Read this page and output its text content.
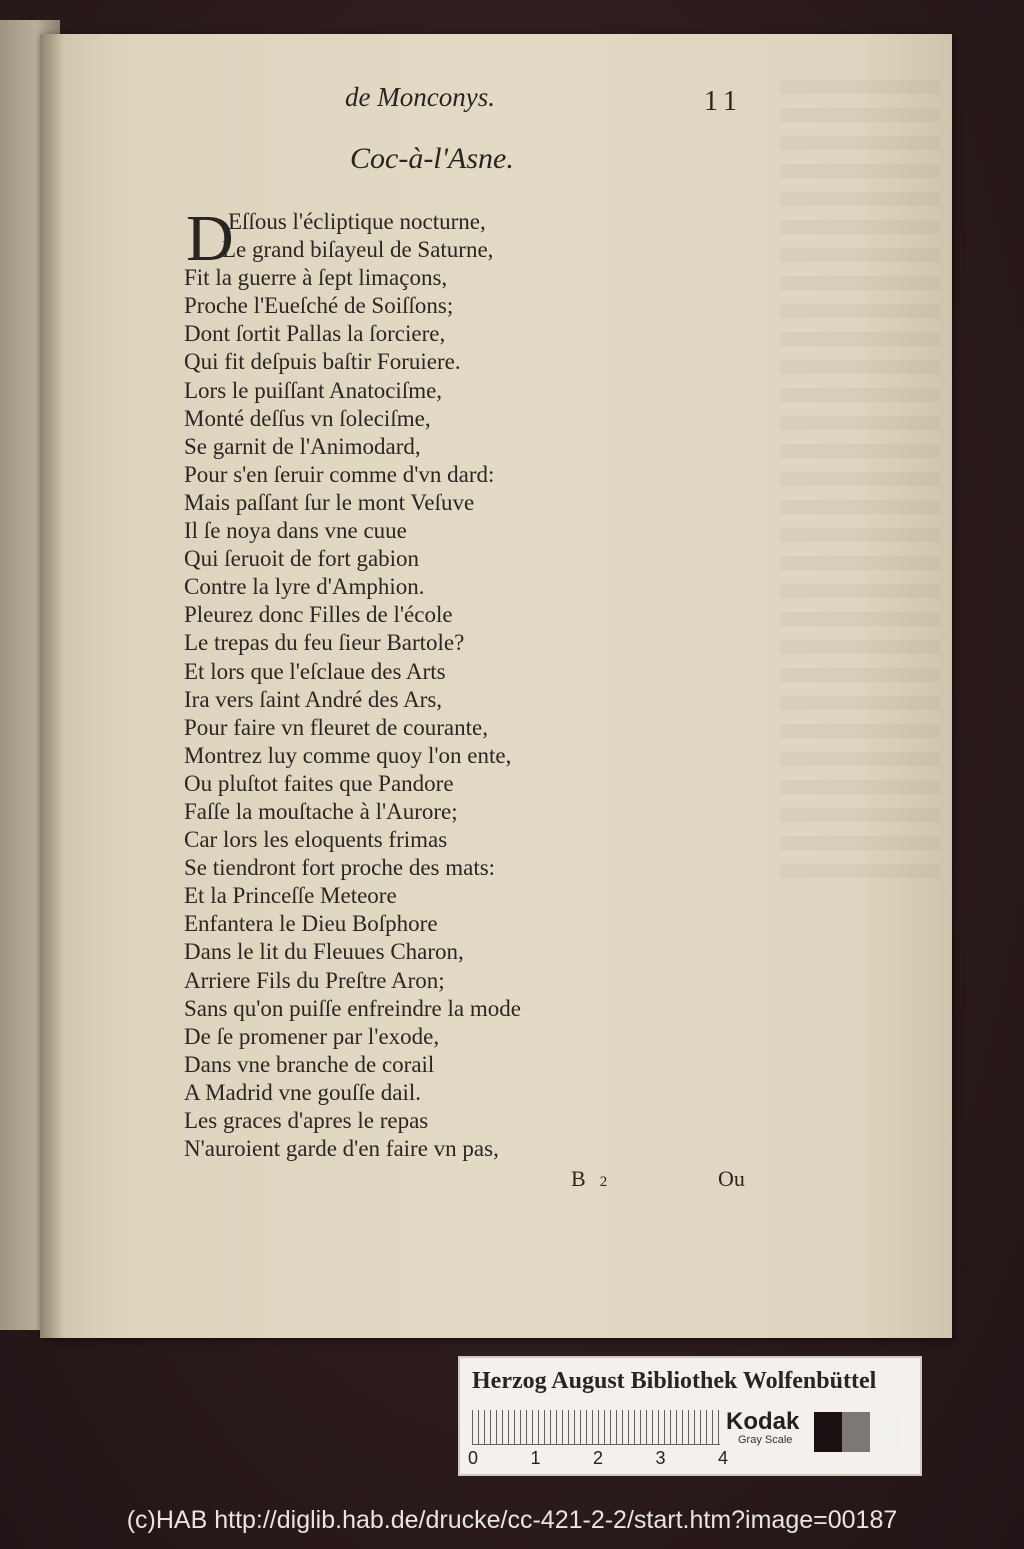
de Monconys.	11
Coc-à-l'Asne.
D
Eſſous l'écliptique nocturne,
Le grand biſayeul de Saturne,
Fit la guerre à ſept limaçons,
Proche l'Eueſché de Soiſſons;
Dont ſortit Pallas la ſorciere,
Qui fit deſpuis baſtir Foruiere.
Lors le puiſſant Anatociſme,
Monté deſſus vn ſoleciſme,
Se garnit de l'Animodard,
Pour s'en ſeruir comme d'vn dard:
Mais paſſant ſur le mont Veſuve
Il ſe noya dans vne cuue
Qui ſeruoit de fort gabion
Contre la lyre d'Amphion.
Pleurez donc Filles de l'école
Le trepas du feu ſieur Bartole?
Et lors que l'eſclaue des Arts
Ira vers ſaint André des Ars,
Pour faire vn fleuret de courante,
Montrez luy comme quoy l'on ente,
Ou pluſtot faites que Pandore
Faſſe la mouſtache à l'Aurore;
Car lors les eloquents frimas
Se tiendront fort proche des mats:
Et la Princeſſe Meteore
Enfantera le Dieu Boſphore
Dans le lit du Fleuues Charon,
Arriere Fils du Preſtre Aron;
Sans qu'on puiſſe enfreindre la mode
De ſe promener par l'exode,
Dans vne branche de corail
A Madrid vne gouſſe dail.
Les graces d'apres le repas
N'auroient garde d'en faire vn pas,
B 2	Ou
Herzog August Bibliothek Wolfenbüttel
0	1	2	3	4
Kodak
Gray Scale
(c)HAB http://diglib.hab.de/drucke/cc-421-2-2/start.htm?image=00187
